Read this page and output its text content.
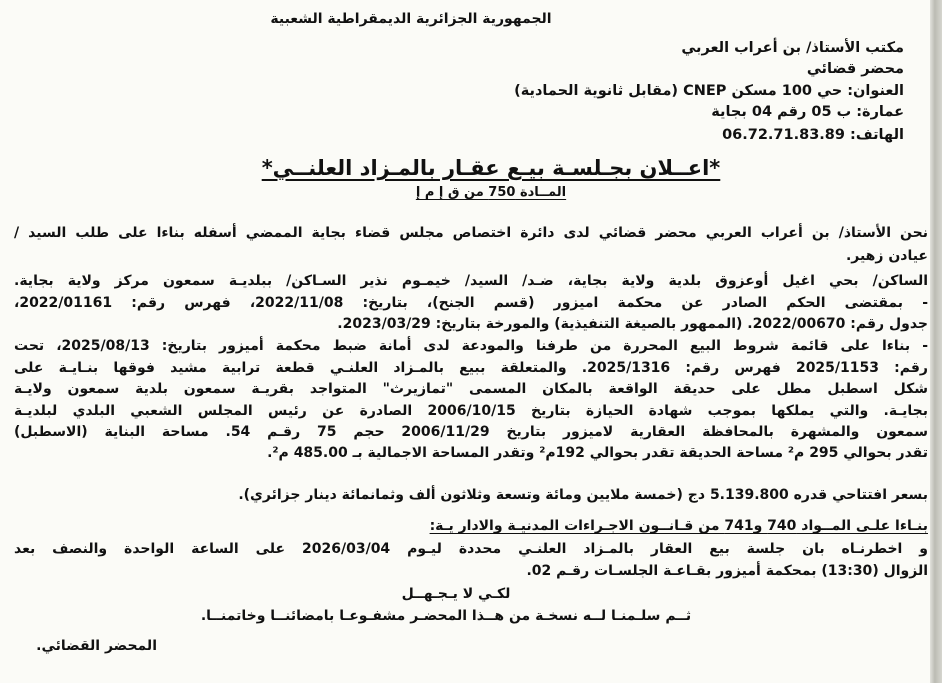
الجمهورية الجزائرية الديمقراطية الشعبية
مكتب الأستاذ/ بن أعراب العربي
محضر قضائي
العنوان: حي 100 مسكن CNEP (مقابل ثانوية الحمادية)
عمارة: ب 05 رقم 04 بجاية
الهاتف: 06.72.71.83.89
*اعــلان بجـلسـة بيـع عقـار بالمـزاد العلنــي*
المــادة 750 من ق إ م إ
نحن الأستاذ/ بن أعراب العربي محضر قضائي لدى دائرة اختصاص مجلس قضاء بجاية الممضي أسفله بناءا على طلب السيد /
عيادن زهير.
الساكن/ بحي اغيل أوعزوق بلدية ولاية بجاية، ضـد/ السيد/ خيمـوم نذير السـاكن/ ببلديـة سمعون مركز ولاية بجاية.
- بمقتضى الحكم الصادر عن محكمة اميزور (قسم الجنح)، بتاريخ: 2022/11/08، فهرس رقم: 2022/01161،
جدول رقم: 2022/00670. (الممهور بالصيغة التنفيذية) والمورخة بتاريخ: 2023/03/29.
- بناءا على قائمة شروط البيع المحررة من طرفنا والمودعة لدى أمانة ضبط محكمة أميزور بتاريخ: 2025/08/13، تحت
رقم: 2025/1153 فهرس رقم: 2025/1316. والمتعلقة ببيع بالمـزاد العلنـي قطعة ترابية مشيد فوقها بنـايـة على
شكل اسطبل مطل على حديقة الواقعة بالمكان المسمى "تمازيرث" المتواجد بقريـة سمعون بلدية سمعون ولايـة
بجايـة. والتي يملكها بموجب شهادة الحيازة بتاريخ 2006/10/15 الصادرة عن رئيس المجلس الشعبي البلدي لبلديـة
سمعون والمشهرة بالمحافظة العقارية لاميزور بتاريخ 2006/11/29 حجم 75 رقـم 54. مساحة البناية (الاسطبل)
تقدر بحوالي 295 م² مساحة الحديقة تقدر بحوالي 192م² وتقدر المساحة الاجمالية بـ 485.00 م².
بسعر افتتاحي قدره 5.139.800 دج (خمسة ملايين ومائة وتسعة وثلاثون ألف وثمانمائة دينار جزائري).
بنـاءا علـى المــواد 740 و741 من قـانــون الاجـراءات المدنيـة والادار يـة:
و اخطرنـاه بان جلسة بيع العقار بالمـزاد العلنـي محددة ليـوم 2026/03/04 على الساعة الواحدة والنصف بعد
الزوال (13:30) بمحكمة أميزور بقـاعـة الجلسـات رقـم 02.
لكـي لا يـجـهــل
ثــم سلـمنـا لــه نسخـة من هــذا المحضـر مشفـوعـا بامضائنــا وخاتمنــا.
المحضر القضائي.
